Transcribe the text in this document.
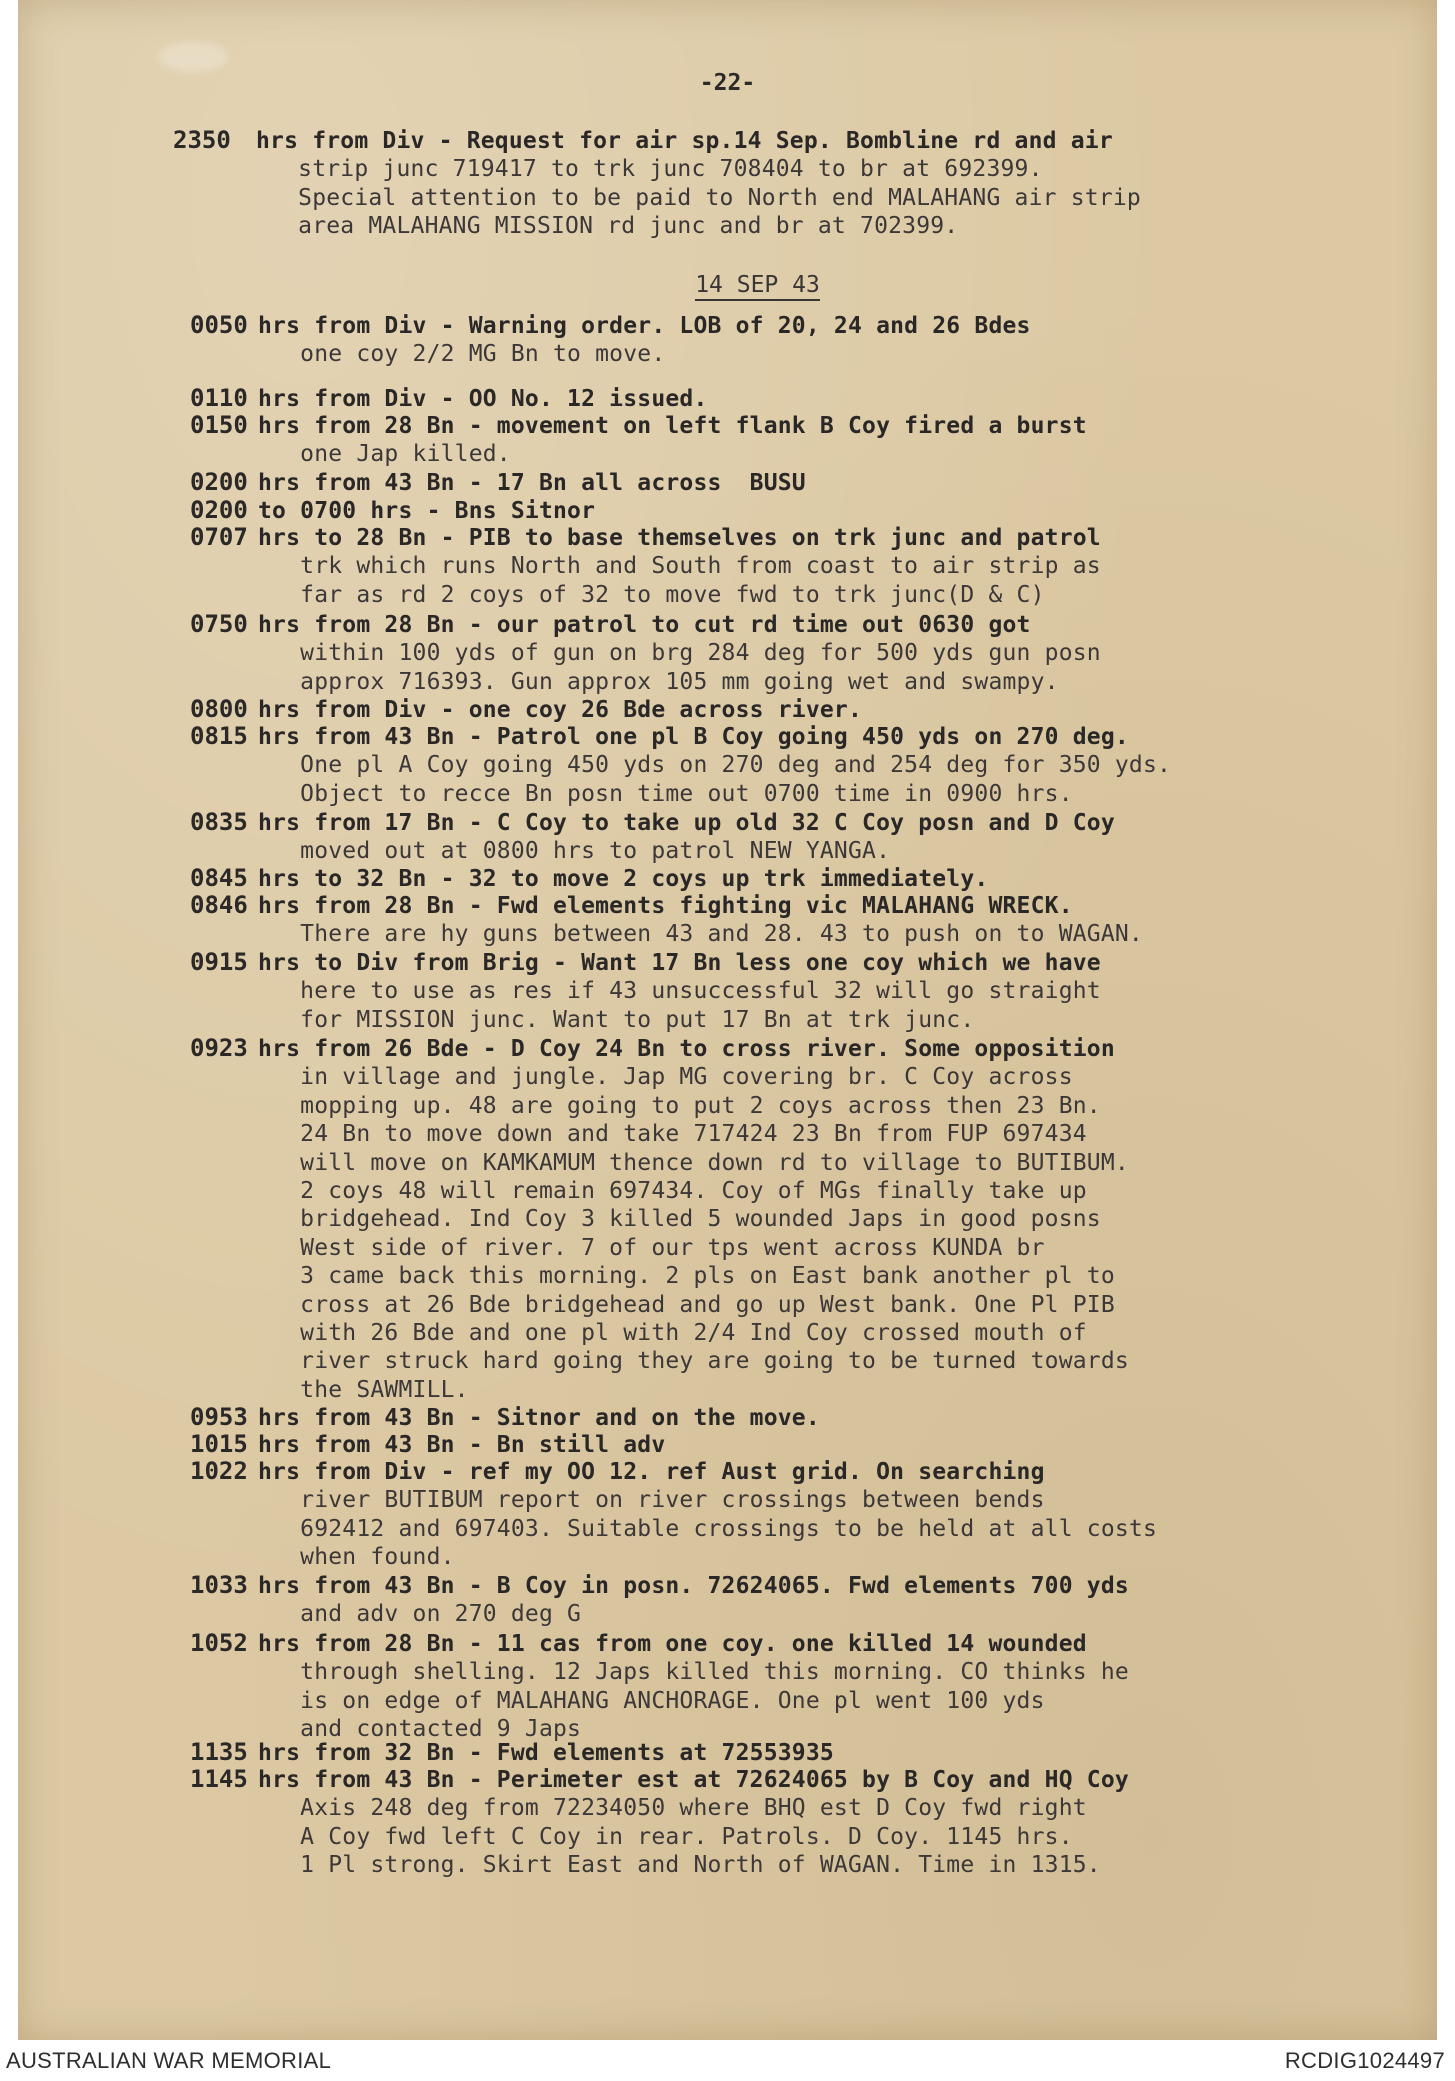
-22-
14 SEP 43
2350 hrs from Div - Request for air sp.14 Sep. Bombline rd and air
strip junc 719417 to trk junc 708404 to br at 692399.
Special attention to be paid to North end MALAHANG air strip
area MALAHANG MISSION rd junc and br at 702399.
0050 hrs from Div - Warning order. LOB of 20, 24 and 26 Bdes
one coy 2/2 MG Bn to move.
0110 hrs from Div - OO No. 12 issued.
0150 hrs from 28 Bn - movement on left flank B Coy fired a burst
one Jap killed.
0200 hrs from 43 Bn - 17 Bn all across  BUSU
0200 to 0700 hrs - Bns Sitnor
0707 hrs to 28 Bn - PIB to base themselves on trk junc and patrol
trk which runs North and South from coast to air strip as
far as rd 2 coys of 32 to move fwd to trk junc(D & C)
0750 hrs from 28 Bn - our patrol to cut rd time out 0630 got
within 100 yds of gun on brg 284 deg for 500 yds gun posn
approx 716393. Gun approx 105 mm going wet and swampy.
0800 hrs from Div - one coy 26 Bde across river.
0815 hrs from 43 Bn - Patrol one pl B Coy going 450 yds on 270 deg.
One pl A Coy going 450 yds on 270 deg and 254 deg for 350 yds.
Object to recce Bn posn time out 0700 time in 0900 hrs.
0835 hrs from 17 Bn - C Coy to take up old 32 C Coy posn and D Coy
moved out at 0800 hrs to patrol NEW YANGA.
0845 hrs to 32 Bn - 32 to move 2 coys up trk immediately.
0846 hrs from 28 Bn - Fwd elements fighting vic MALAHANG WRECK.
There are hy guns between 43 and 28. 43 to push on to WAGAN.
0915 hrs to Div from Brig - Want 17 Bn less one coy which we have
here to use as res if 43 unsuccessful 32 will go straight
for MISSION junc. Want to put 17 Bn at trk junc.
0923 hrs from 26 Bde - D Coy 24 Bn to cross river. Some opposition
in village and jungle. Jap MG covering br. C Coy across
mopping up. 48 are going to put 2 coys across then 23 Bn.
24 Bn to move down and take 717424 23 Bn from FUP 697434
will move on KAMKAMUM thence down rd to village to BUTIBUM.
2 coys 48 will remain 697434. Coy of MGs finally take up
bridgehead. Ind Coy 3 killed 5 wounded Japs in good posns
West side of river. 7 of our tps went across KUNDA br
3 came back this morning. 2 pls on East bank another pl to
cross at 26 Bde bridgehead and go up West bank. One Pl PIB
with 26 Bde and one pl with 2/4 Ind Coy crossed mouth of
river struck hard going they are going to be turned towards
the SAWMILL.
0953 hrs from 43 Bn - Sitnor and on the move.
1015 hrs from 43 Bn - Bn still adv
1022 hrs from Div - ref my OO 12. ref Aust grid. On searching
river BUTIBUM report on river crossings between bends
692412 and 697403. Suitable crossings to be held at all costs
when found.
1033 hrs from 43 Bn - B Coy in posn. 72624065. Fwd elements 700 yds
and adv on 270 deg G
1052 hrs from 28 Bn - 11 cas from one coy. one killed 14 wounded
through shelling. 12 Japs killed this morning. CO thinks he
is on edge of MALAHANG ANCHORAGE. One pl went 100 yds
and contacted 9 Japs
1135 hrs from 32 Bn - Fwd elements at 72553935
1145 hrs from 43 Bn - Perimeter est at 72624065 by B Coy and HQ Coy
Axis 248 deg from 72234050 where BHQ est D Coy fwd right
A Coy fwd left C Coy in rear. Patrols. D Coy. 1145 hrs.
1 Pl strong. Skirt East and North of WAGAN. Time in 1315.
AUSTRALIAN WAR MEMORIAL	RCDIG1024497
